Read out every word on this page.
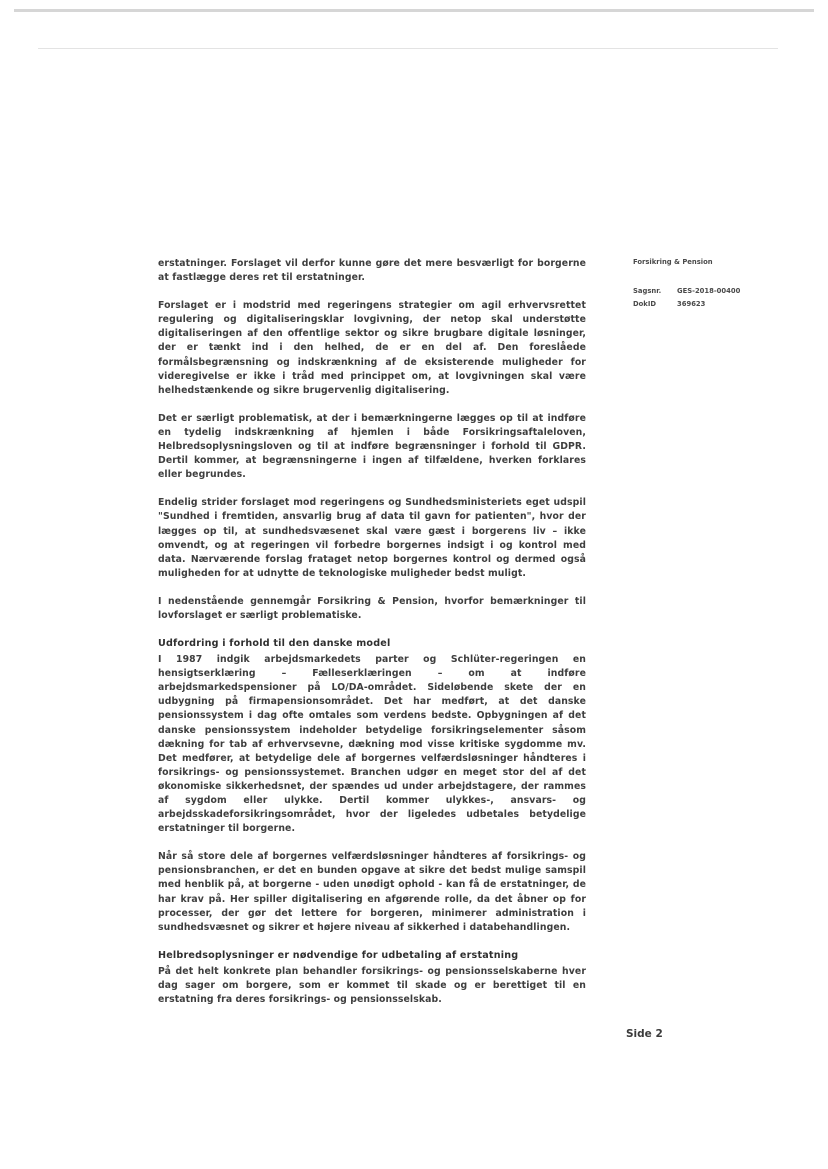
erstatninger. Forslaget vil derfor kunne gøre det mere besværligt for borgerne at fastlægge deres ret til erstatninger.

Forslaget er i modstrid med regeringens strategier om agil erhvervsrettet regulering og digitaliseringsklar lovgivning, der netop skal understøtte digitaliseringen af den offentlige sektor og sikre brugbare digitale løsninger, der er tænkt ind i den helhed, de er en del af. Den foreslåede formålsbegrænsning og indskrænkning af de eksisterende muligheder for videregivelse er ikke i tråd med princippet om, at lovgivningen skal være helhedstænkende og sikre brugervenlig digitalisering.

Det er særligt problematisk, at der i bemærkningerne lægges op til at indføre en tydelig indskrænkning af hjemlen i både Forsikringsaftaleloven, Helbredsoplysningsloven og til at indføre begrænsninger i forhold til GDPR. Dertil kommer, at begrænsningerne i ingen af tilfældene, hverken forklares eller begrundes.

Endelig strider forslaget mod regeringens og Sundhedsministeriets eget udspil "Sundhed i fremtiden, ansvarlig brug af data til gavn for patienten", hvor der lægges op til, at sundhedsvæsenet skal være gæst i borgerens liv – ikke omvendt, og at regeringen vil forbedre borgernes indsigt i og kontrol med data. Nærværende forslag frataget netop borgernes kontrol og dermed også muligheden for at udnytte de teknologiske muligheder bedst muligt.

I nedenstående gennemgår Forsikring & Pension, hvorfor bemærkninger til lovforslaget er særligt problematiske.

Udfordring i forhold til den danske model

I 1987 indgik arbejdsmarkedets parter og Schlüter-regeringen en hensigtserklæring – Fælleserklæringen – om at indføre arbejdsmarkedspensioner på LO/DA-området. Sideløbende skete der en udbygning på firmapensionsområdet. Det har medført, at det danske pensionssystem i dag ofte omtales som verdens bedste. Opbygningen af det danske pensionssystem indeholder betydelige forsikringselementer såsom dækning for tab af erhvervsevne, dækning mod visse kritiske sygdomme mv. Det medfører, at betydelige dele af borgernes velfærdsløsninger håndteres i forsikrings- og pensionssystemet. Branchen udgør en meget stor del af det økonomiske sikkerhedsnet, der spændes ud under arbejdstagere, der rammes af sygdom eller ulykke. Dertil kommer ulykkes-, ansvars- og arbejdsskadeforsikringsområdet, hvor der ligeledes udbetales betydelige erstatninger til borgerne.

Når så store dele af borgernes velfærdsløsninger håndteres af forsikrings- og pensionsbranchen, er det en bunden opgave at sikre det bedst mulige samspil med henblik på, at borgerne - uden unødigt ophold - kan få de erstatninger, de har krav på. Her spiller digitalisering en afgørende rolle, da det åbner op for processer, der gør det lettere for borgeren, minimerer administration i sundhedsvæsnet og sikrer et højere niveau af sikkerhed i databehandlingen.

Helbredsoplysninger er nødvendige for udbetaling af erstatning

På det helt konkrete plan behandler forsikrings- og pensionsselskaberne hver dag sager om borgere, som er kommet til skade og er berettiget til en erstatning fra deres forsikrings- og pensionsselskab.

Forsikring & Pension
Sagsnr.	GES-2018-00400
DokID	369623
Side 2
